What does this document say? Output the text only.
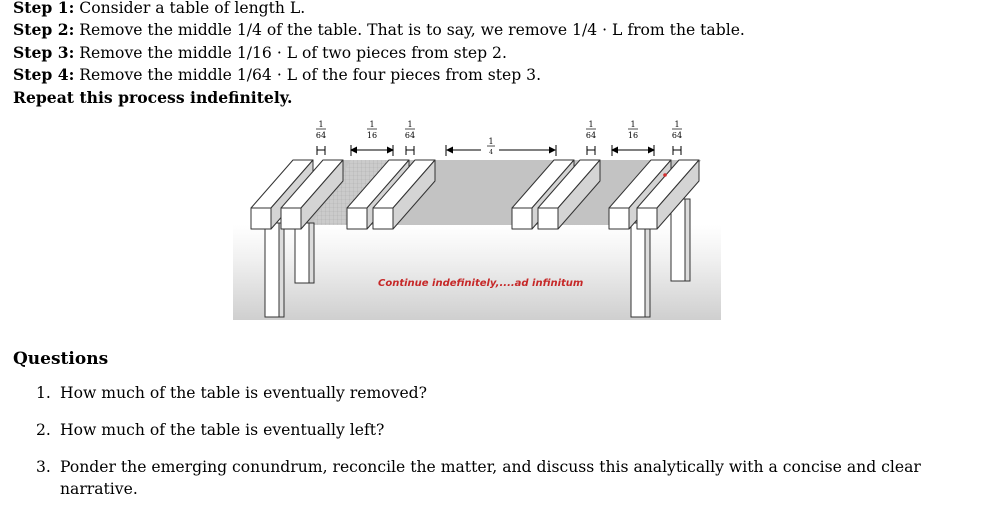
Step 1: Consider a table of length L.
Step 2: Remove the middle 1/4 of the table. That is to say, we remove 1/4 · L from the table.
Step 3: Remove the middle 1/16 · L of two pieces from step 2.
Step 4: Remove the middle 1/64 · L of the four pieces from step 3.
Repeat this process indefinitely.
1
64
1
16
1
64
1
4
1
64
1
16
1
64
Continue indefinitely,....ad infinitum
Questions
1. How much of the table is eventually removed?
2. How much of the table is eventually left?
3. Ponder the emerging conundrum, reconcile the matter, and discuss this analytically with a concise and clear narrative.
